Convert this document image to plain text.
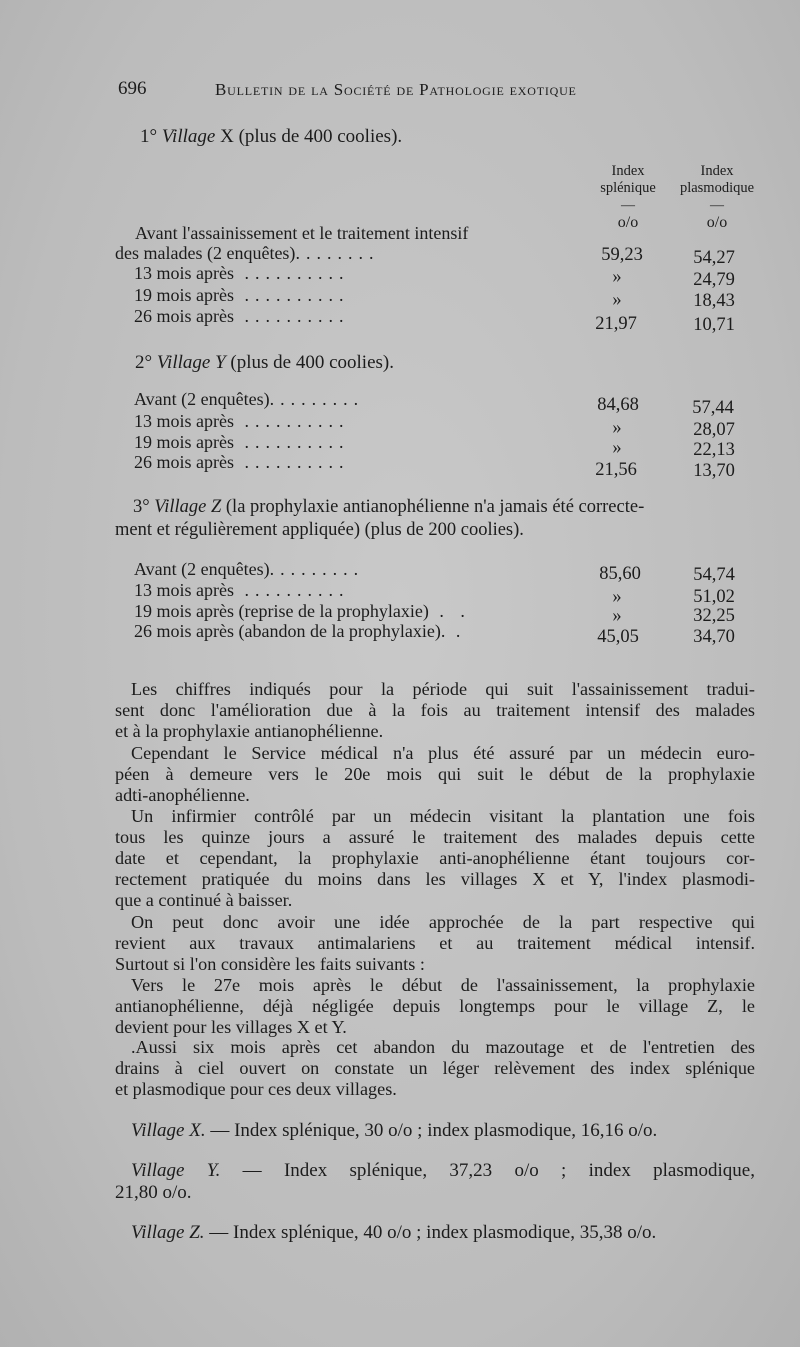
696	Bulletin de la Société de Pathologie exotique
1° Village X (plus de 400 coolies).
Index
splénique
Index
plasmodique
—	—
o/o	o/o
Avant l'assainissement et le traitement intensif
des malades (2 enquêtes)........	59,23	54,27
13 mois après ..........	»	24,79
19 mois après ..........	»	18,43
26 mois après ..........	21,97	10,71
2° Village Y (plus de 400 coolies).
Avant (2 enquêtes).........	84,68	57,44
13 mois après ..........	»	28,07
19 mois après ..........	»	22,13
26 mois après ..........	21,56	13,70
3° Village Z (la prophylaxie antianophélienne n'a jamais été correcte-
ment et régulièrement appliquée) (plus de 200 coolies).
Avant (2 enquêtes).........	85,60	54,74
13 mois après ..........	»	51,02
19 mois après (reprise de la prophylaxie) . .	»	32,25
26 mois après (abandon de la prophylaxie). .	45,05	34,70
Les chiffres indiqués pour la période qui suit l'assainissement tradui-
sent donc l'amélioration due à la fois au traitement intensif des malades
et à la prophylaxie antianophélienne.
Cependant le Service médical n'a plus été assuré par un médecin euro-
péen à demeure vers le 20e mois qui suit le début de la prophylaxie
adti-anophélienne.
Un infirmier contrôlé par un médecin visitant la plantation une fois
tous les quinze jours a assuré le traitement des malades depuis cette
date et cependant, la prophylaxie anti-anophélienne étant toujours cor-
rectement pratiquée du moins dans les villages X et Y, l'index plasmodi-
que a continué à baisser.
On peut donc avoir une idée approchée de la part respective qui
revient aux travaux antimalariens et au traitement médical intensif.
Surtout si l'on considère les faits suivants :
Vers le 27e mois après le début de l'assainissement, la prophylaxie
antianophélienne, déjà négligée depuis longtemps pour le village Z, le
devient pour les villages X et Y.
.Aussi six mois après cet abandon du mazoutage et de l'entretien des
drains à ciel ouvert on constate un léger relèvement des index splénique
et plasmodique pour ces deux villages.
Village X. — Index splénique, 30 o/o ; index plasmodique, 16,16 o/o.
Village Y. — Index splénique, 37,23 o/o ; index plasmodique,
21,80 o/o.
Village Z. — Index splénique, 40 o/o ; index plasmodique, 35,38 o/o.
